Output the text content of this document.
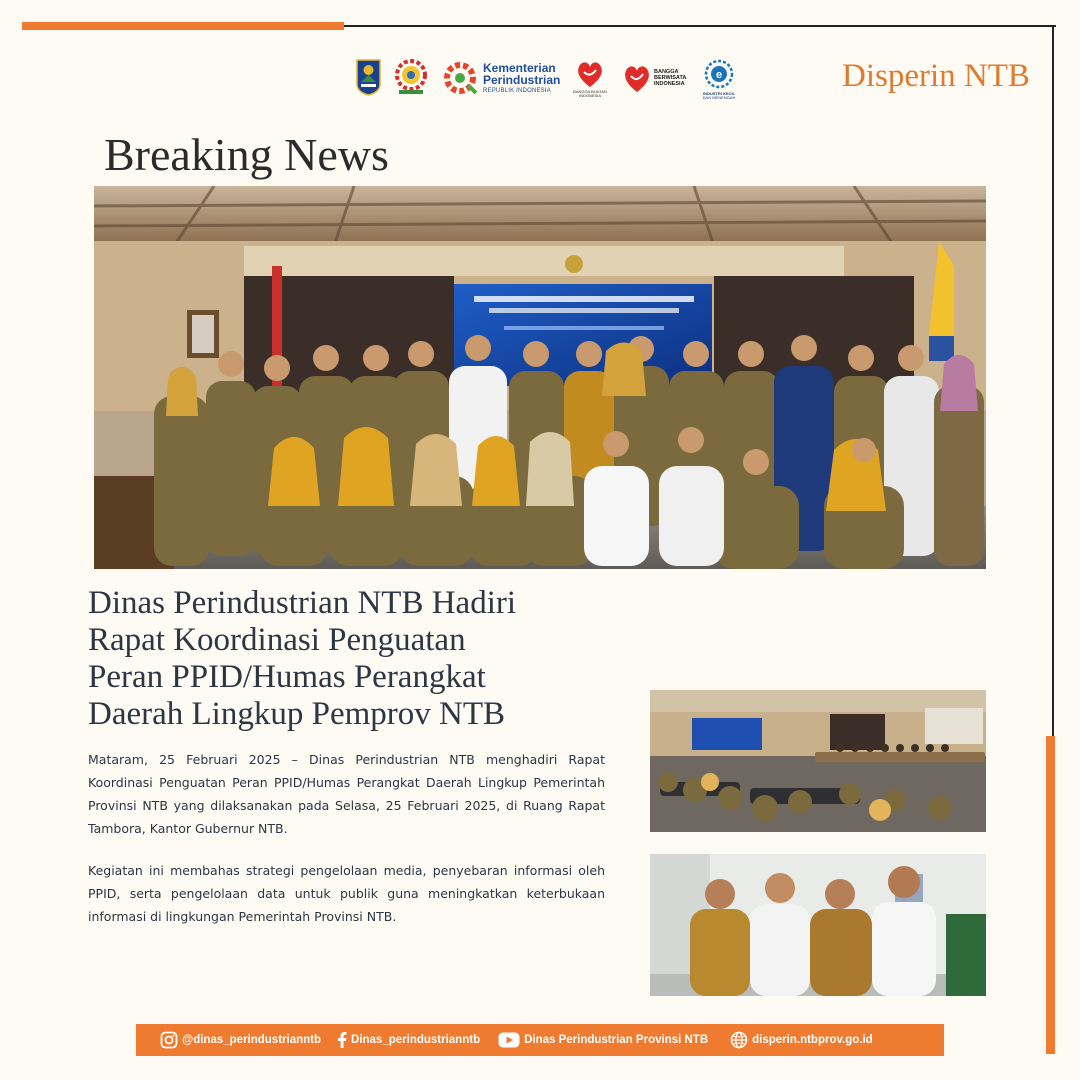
Kementerian
Perindustrian
REPUBLIK INDONESIA	BANGGA BUATAN INDONESIA
BANGGA
BERWISATA
INDONESIA
e
INDUSTRI KECIL
DAN MENENGAH
Disperin NTB
Breaking News
Dinas Perindustrian NTB Hadiri
Rapat Koordinasi Penguatan
Peran PPID/Humas Perangkat
Daerah Lingkup Pemprov NTB

Mataram, 25 Februari 2025 – Dinas Perindustrian NTB menghadiri Rapat Koordinasi Penguatan Peran PPID/Humas Perangkat Daerah Lingkup Pemerintah Provinsi NTB yang dilaksanakan pada Selasa, 25 Februari 2025, di Ruang Rapat Tambora, Kantor Gubernur NTB.

Kegiatan ini membahas strategi pengelolaan media, penyebaran informasi oleh PPID, serta pengelolaan data untuk publik guna meningkatkan keterbukaan informasi di lingkungan Pemerintah Provinsi NTB.

@dinas_perindustrianntb	Dinas_perindustrianntb	Dinas Perindustrian Provinsi NTB	disperin.ntbprov.go.id
